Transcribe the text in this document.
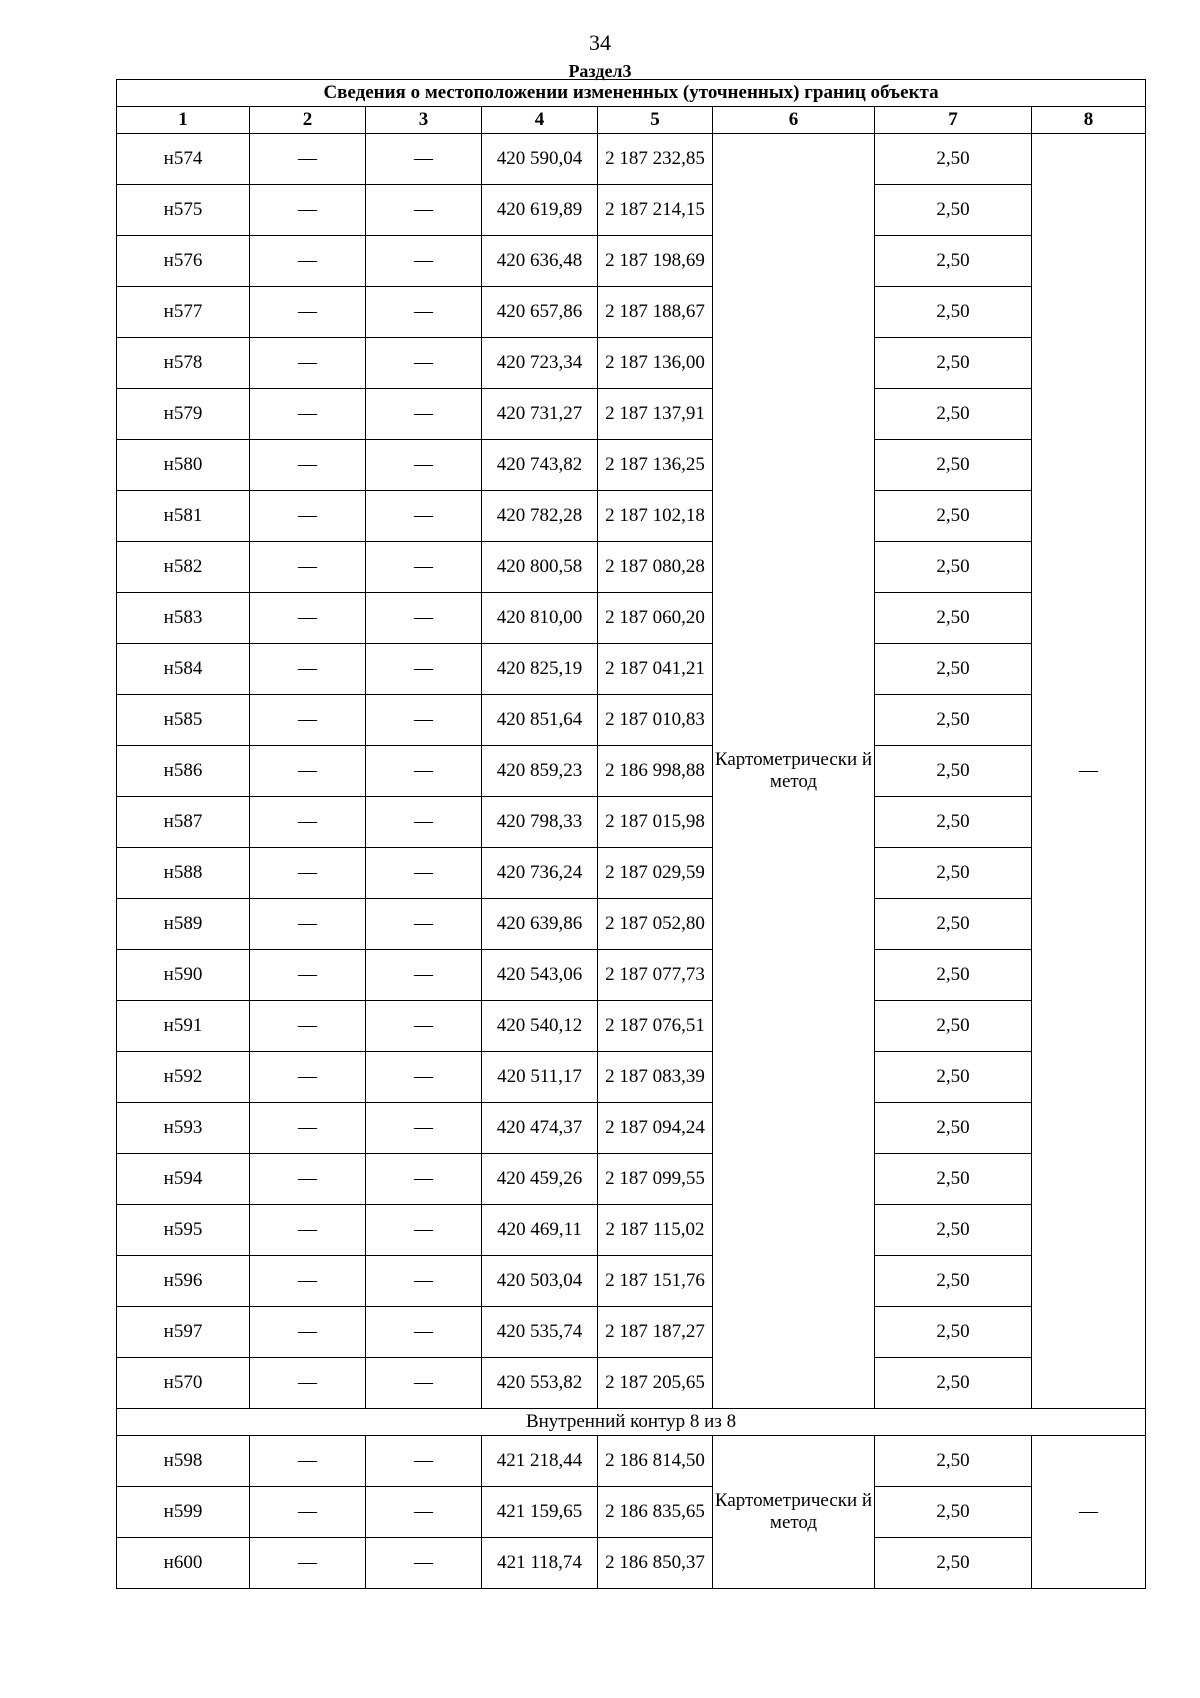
34
Раздел3
Сведения о местоположении измененных (уточненных) границ объекта							
1	2	3	4	5	6	7	8
н574	—	—	420 590,04	2 187 232,85	Картометрически й метод	2,50	—
н575	—	—	420 619,89	2 187 214,15		2,50	
н576	—	—	420 636,48	2 187 198,69		2,50	
н577	—	—	420 657,86	2 187 188,67		2,50	
н578	—	—	420 723,34	2 187 136,00		2,50	
н579	—	—	420 731,27	2 187 137,91		2,50	
н580	—	—	420 743,82	2 187 136,25		2,50	
н581	—	—	420 782,28	2 187 102,18		2,50	
н582	—	—	420 800,58	2 187 080,28		2,50	
н583	—	—	420 810,00	2 187 060,20		2,50	
н584	—	—	420 825,19	2 187 041,21		2,50	
н585	—	—	420 851,64	2 187 010,83		2,50	
н586	—	—	420 859,23	2 186 998,88		2,50	
н587	—	—	420 798,33	2 187 015,98		2,50	
н588	—	—	420 736,24	2 187 029,59		2,50	
н589	—	—	420 639,86	2 187 052,80		2,50	
н590	—	—	420 543,06	2 187 077,73		2,50	
н591	—	—	420 540,12	2 187 076,51		2,50	
н592	—	—	420 511,17	2 187 083,39		2,50	
н593	—	—	420 474,37	2 187 094,24		2,50	
н594	—	—	420 459,26	2 187 099,55		2,50	
н595	—	—	420 469,11	2 187 115,02		2,50	
н596	—	—	420 503,04	2 187 151,76		2,50	
н597	—	—	420 535,74	2 187 187,27		2,50	
н570	—	—	420 553,82	2 187 205,65		2,50	
Внутренний контур 8 из 8							
н598	—	—	421 218,44	2 186 814,50	Картометрически й метод	2,50	—
н599	—	—	421 159,65	2 186 835,65		2,50	
н600	—	—	421 118,74	2 186 850,37		2,50	
